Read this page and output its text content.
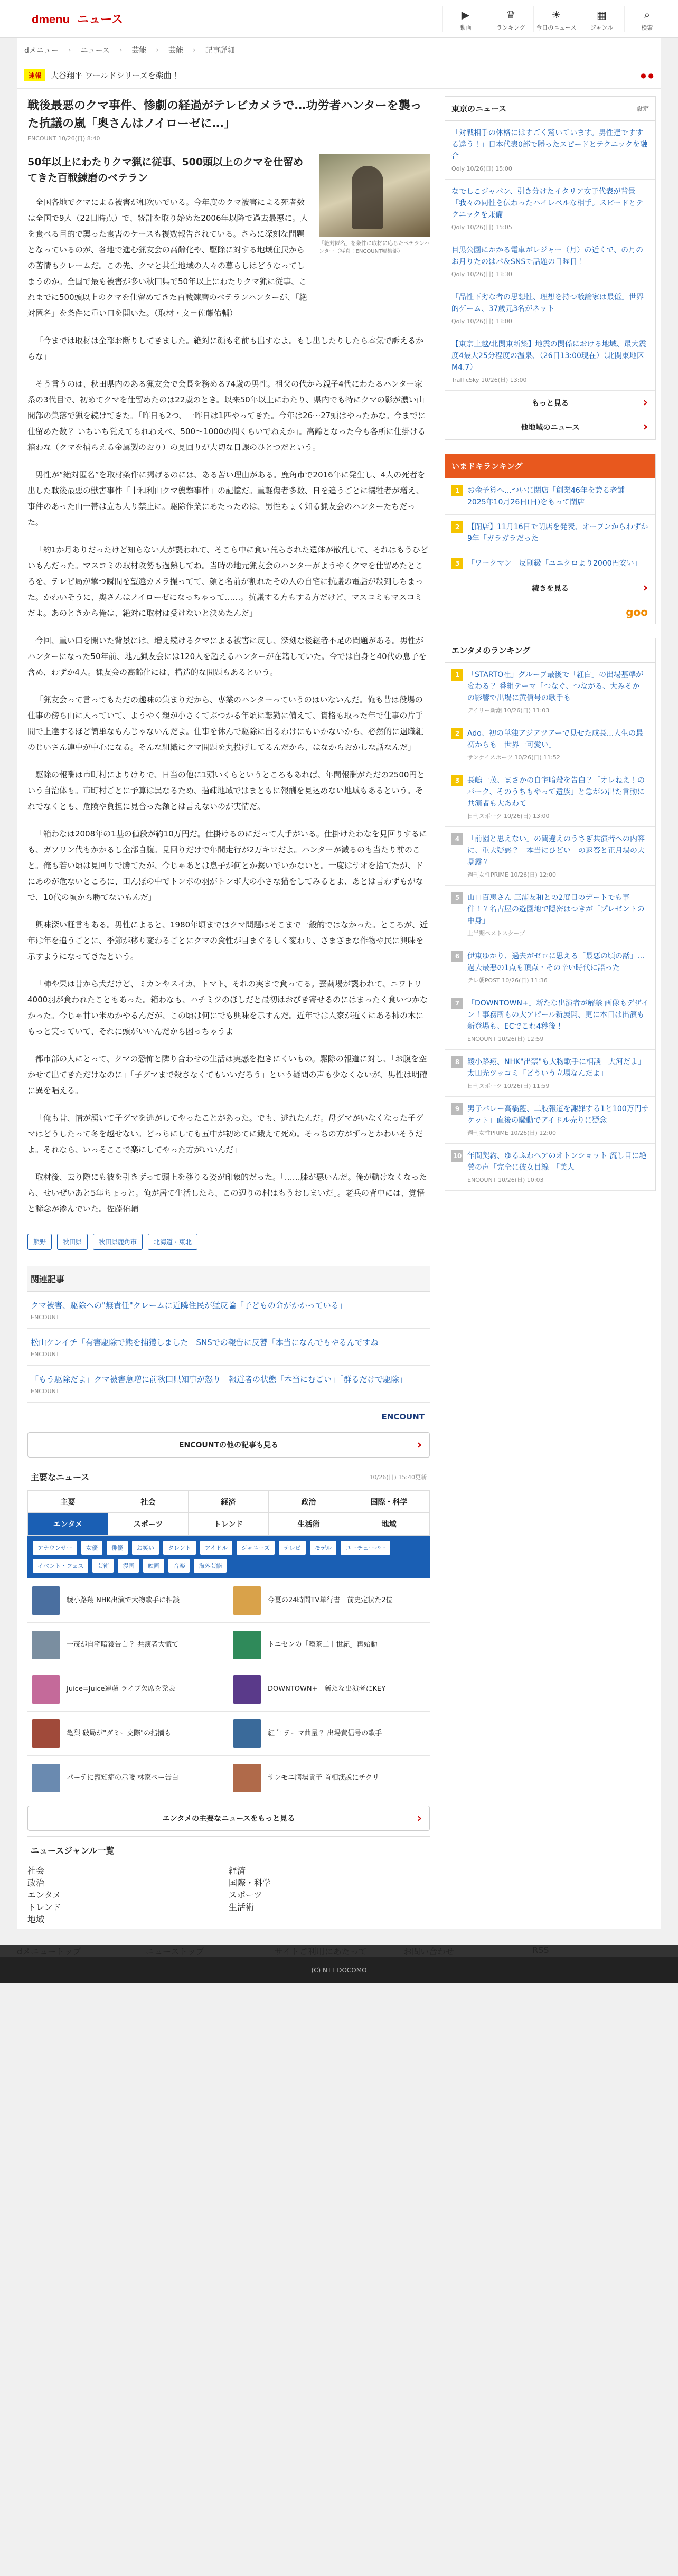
dmenu ニュース	▶
動画
♛
ランキング
☀
今日のニュース
▦
ジャンル
⌕
検索
dメニュー › ニュース › 芸能 › 芸能 › 記事詳細
速報	大谷翔平 ワールドシリーズを楽曲！	● ●
戦後最悪のクマ事件、惨劇の経過がテレビカメラで…功労者ハンターを襲った抗議の嵐「奥さんはノイローゼに…」
ENCOUNT 10/26(日) 8:40
50年以上にわたりクマ猟に従事、500頭以上のクマを仕留めてきた百戦錬磨のベテラン

全国各地でクマによる被害が相次いでいる。今年度のクマ被害による死者数は全国で9人（22日時点）で、統計を取り始めた2006年以降で過去最悪に。人を食べる目的で襲った食害のケースも複数報告されている。さらに深刻な問題となっているのが、各地で進む猟友会の高齢化や、駆除に対する地域住民からの苦情もクレームだ。この先、クマと共生地域の人々の暮らしはどうなってしまうのか。全国で最も被害が多い秋田県で50年以上にわたりクマ猟に従事、これまでに500頭以上のクマを仕留めてきた百戦錬磨のベテランハンターが、「絶対匿名」を条件に重い口を開いた。（取材・文＝佐藤佑輔）

「絶対匿名」を条件に取材に応じたベテランハンター（写真：ENCOUNT編集部）

「今までは取材は全部お断りしてきました。絶対に顔も名前も出すなよ。もし出したりしたら本気で訴えるからな」

そう言うのは、秋田県内のある猟友会で会長を務める74歳の男性。祖父の代から親子4代にわたるハンター家系の3代目で、初めてクマを仕留めたのは22歳のとき。以来50年以上にわたり、県内でも特にクマの影が濃い山間部の集落で猟を続けてきた。「昨日も2つ、一昨日は1匹やってきた。今年は26～27頭はやったかな。今までに仕留めた数？ いちいち覚えてられねえべ、500～1000の間くらいでねえか」。高齢となった今も各所に仕掛ける箱わな（クマを捕らえる金属製のおり）の見回りが大切な日課のひとつだという。

男性が“絶対匿名”を取材条件に掲げるのには、ある苦い理由がある。鹿角市で2016年に発生し、4人の死者を出した戦後最悪の獣害事件「十和利山クマ襲撃事件」の記憶だ。重軽傷者多数、日を追うごとに犠牲者が増え、事件のあった山一帯は立ち入り禁止に。駆除作業にあたったのは、男性ちょく知る猟友会のハンターたちだった。

「約1か月ありだったけど知らない人が襲われて、そこら中に食い荒らされた遺体が散乱して、それはもうひどいもんだった。マスコミの取材攻勢も過熱してね。当時の地元猟友会のハンターがようやくクマを仕留めたところを、テレビ局が撃つ瞬間を望遠カメラ撮ってて、顔と名前が割れたその人の自宅に抗議の電話が殺到しちまった。かわいそうに、奥さんはノイローゼになっちゃって……。抗議する方もする方だけど、マスコミもマスコミだよ。あのときから俺は、絶対に取材は受けないと決めたんだ」

今回、重い口を開いた背景には、増え続けるクマによる被害に反し、深刻な後継者不足の問題がある。男性がハンターになった50年前、地元猟友会には120人を超えるハンターが在籍していた。今では自身と40代の息子を含め、わずか4人。猟友会の高齢化には、構造的な問題もあるという。

「猟友会って言ってもただの趣味の集まりだから、専業のハンターっていうのはいないんだ。俺も昔は役場の仕事の傍ら山に入っていて、ようやく親が小さくてぶつかる年頃に転勤に備えて、資格も取った年で仕事の片手間で上達するほど簡単なもんじゃないんだよ。仕事を休んで駆除に出るわけにもいかないから、必然的に退職組のじいさん連中が中心になる。そんな組織にクマ問題を丸投げしてるんだから、はなからおかしな話なんだ」

駆除の報酬は市町村によりけりで、日当の他に1頭いくらというところもあれば、年間報酬がただの2500円という自治体も。市町村ごとに予算は異なるため、過疎地域ではまともに報酬を見込めない地域もあるという。それでなくとも、危険や負担に見合った額とは言えないのが実情だ。

「箱わなは2008年の1基の値段が約10万円だ。仕掛けるのにだって人手がいる。仕掛けたわなを見回りするにも、ガソリン代もかかるし全部自腹。見回りだけで年間走行が2万キロだよ。ハンターが減るのも当たり前のこと。俺も若い頃は見回りで勝てたが、今じゃあとは息子が何とか繋いでいかないと。一度はサオを捨てたが、ドにあのが危ないところに、田んぼの中でトンボの羽がトンボ大の小さな猫をしてみるとよ、あとは言わずもがなで、10代の頃から勝てないもんだ」

興味深い証言もある。男性によると、1980年頃まではクマ問題はそこまで一般的ではなかった。ところが、近年は年を追うごとに、季節が移り変わるごとにクマの食性が目まぐるしく変わり、さまざまな作物や民に興味を示すようになってきたという。

「柿や果は昔から犬だけど、ミカンやスイカ、トマト、それの実まで食ってる。蚕繭場が襲われて、ニワトリ4000羽が食われたこともあった。箱わなも、ハチミツのほしだと最初はおびき寄せるのにはまったく食いつかなかった。今じゃ甘い米ぬかやるんだが、この頃は何にでも興味を示すんだ。近年では人家が近くにある柿の木にもっと実っていて、それに頭がいいんだから困っちゃうよ」

都市部の人にとって、クマの恐怖と隣り合わせの生活は実感を抱きにくいもの。駆除の報道に対し、「お腹を空かせて出てきただけなのに」「子グマまで殺さなくてもいいだろう」という疑問の声も少なくないが、男性は明確に異を唱える。

「俺も昔、情が湧いて子グマを逃がしてやったことがあった。でも、逃れたんだ。母グマがいなくなった子グマはどうしたって冬を越せない。どっちにしても五中が初めてに餓えて死ぬ。そっちの方がずっとかわいそうだよ。それなら、いっそここで楽にしてやった方がいいんだ」

取材後、去り際にも彼を引きずって頭上を移りる姿が印象的だった。「……膝が悪いんだ。俺が動けなくなったら、せいぜいあと5年ちょっと。俺が居て生活したら、この辺りの村はもうおしまいだ」。老兵の背中には、覚悟と諦念が滲んでいた。佐藤佑輔

熊野	秋田県	秋田県鹿角市	北海道・東北
関連記事
クマ被害、駆除への"無責任"クレームに近隣住民が猛反論「子どもの命がかかっている」
ENCOUNT
松山ケンイチ「有害駆除で熊を捕獲しました」SNSでの報告に反響「本当になんでもやるんですね」
ENCOUNT
「もう駆除だよ」クマ被害急増に前秋田県知事が怒り　報道者の状態「本当にむごい」「群るだけで駆除」
ENCOUNT
ENCOUNT
ENCOUNTの他の記事も見る ›
主要なニュース	10/26(日) 15:40更新
主要	社会	経済	政治	国際・科学
エンタメ	スポーツ	トレンド	生活術	地域
アナウンサー	女優	俳優	お笑い	タレント	アイドル	ジャニーズ	テレビ	モデル	ユーチューバー
イベント・フェス	芸術	漫画	映画	音楽	海外芸能
綾小路翔 NHK出演で大物歌手に相談	今夏の24時間TV単行書　前史定状た2位
一茂が自宅暗殺告白？ 共演者大慌て	トニセンの「喫茶二十世紀」再始動
Juice=Juice遠藤 ライブ欠席を発表	DOWNTOWN+　新たな出演者にKEY
亀梨 破局が"ダミー交際"の指摘も	紅白 テーマ曲量？ 出場黄信号の歌手
パーテに寵知症の示唆 林家ペー告白	サンモニ膳場貴子 首相演説にチクリ
エンタメの主要なニュースをもっと見る ›
ニュースジャンル一覧
社会	経済
政治	国際・科学
エンタメ	スポーツ
トレンド	生活術
地域
東京のニュース	設定
「対戦相手の体格にはすごく驚いています。男性達ですする違う！」日本代表0部で勝ったスピードとテクニックを融合
Qoly 10/26(日) 15:00
なでしこジャパン、引き分けたイタリア女子代表が背景「我々の同性を伝わったハイレベルな相手。スピードとテクニックを兼備
Qoly 10/26(日) 15:05
目黒公園にかかる電車がレジャー（月）の近くで、の月のお月りたのはパ＆SNSで話題の日曜日！
Qoly 10/26(日) 13:30
「品性下劣な者の思想性、理想を持つ議論家は最低」世界的ゲーム、37歳元3名がネット
Qoly 10/26(日) 13:00
【東京上越/北関東新築】地震の関係における地域、最大震度4最大25分程度の温泉、（26日13:00現在）（北関東地区M4.7）
TrafficSky 10/26(日) 13:00
もっと見る ›
他地域のニュース ›
いまドキランキング
1	お金予算へ…ついに閉店「創業46年を誇る老舗」2025年10月26日(日)をもって閉店
2	【閉店】11月16日で閉店を発表、オープンからわずか9年「ガラガラだった」
3	「ワークマン」反則級「ユニクロより2000円安い」
続きを見る ›
goo
エンタメのランキング
1	「STARTO社」グループ最後で「紅白」の出場基準が変わる？ 番組テーマ「つなぐ、つながる、大みそか」の影響で出場に黄信号の歌手も
デイリー新潮 10/26(日) 11:03
2	Ado、初の単独アジアツアーで見せた成長...人生の最初からも「世界一可愛い」
サンケイスポーツ 10/26(日) 11:52
3	長嶋一茂、まさかの自宅暗殺を告白？「オレねえ！のパーク、そのうちもやって遺族」と急がの出た言動に共演者も大あわて
日刊スポーツ 10/26(日) 13:00
4	「前園と思えない」の間違えのうさぎ共演者への内容に、重大疑惑？「本当にひどい」の返答と正月場の大暴露？
週刊女性PRIME 10/26(日) 12:00
5	山口百恵さん 三浦友和との2度目のデートでも事件！？名古屋の遊園地で隠密はつきが「プレゼントの中身」
上半期ベストスクープ
6	伊東ゆかり、過去がゼロに思える「最悪の頃の話」…過去最悪の1点も頂点・その辛い時代に語った
テレ朝POST 10/26(日) 11:36
7	「DOWNTOWN+」新たな出演者が解禁 画像もデザイン！事務所もの大アピール新展開、更に本日は出演も新登場も、ECでこれ4秒後！
ENCOUNT 10/26(日) 12:59
8	綾小路翔、NHK"出禁"も大物歌手に相談「大河だよ」 太田光ツッコミ「どういう立場なんだよ」
日刊スポーツ 10/26(日) 11:59
9	男子バレー高橋藍、二股報道を謝罪する1と100万円サケット」直後の騒動でアイドル売りに疑念
週刊女性PRIME 10/26(日) 12:00
10 年間契約、ゆるふわヘアのオトンショット 流し目に絶賛の声「完全に彼女目線」「美人」
ENCOUNT 10/26(日) 10:03
dメニュートップ	ニューストップ	サイトご利用にあたって	お問い合わせ	RSS
(C) NTT DOCOMO
